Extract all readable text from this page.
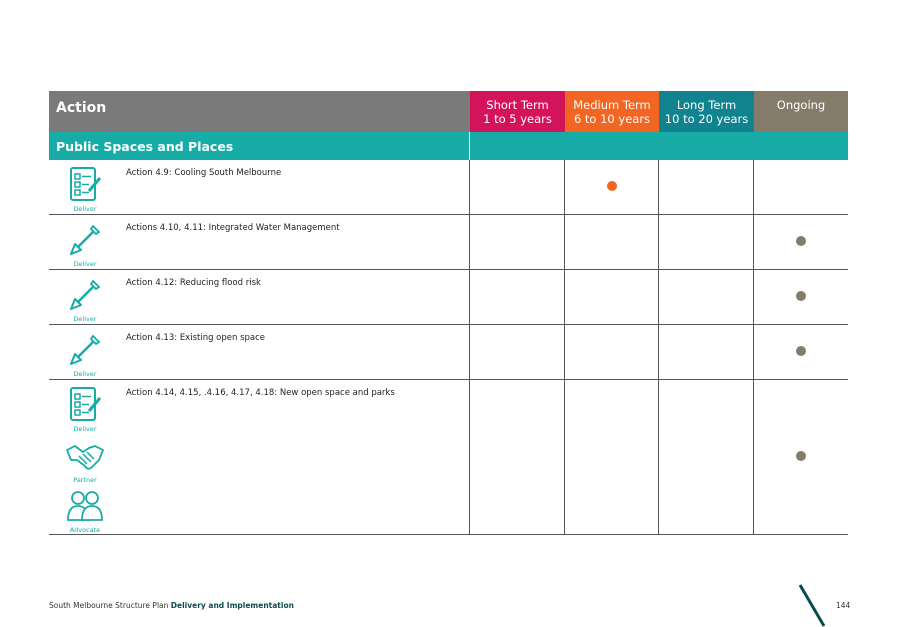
Action	Short Term
1 to 5 years
Medium Term
6 to 10 years
Long Term
10 to 20 years
Ongoing
Public Spaces and Places
Deliver
Action 4.9: Cooling South Melbourne
Deliver
Actions 4.10, 4.11: Integrated Water Management
Deliver
Action 4.12: Reducing flood risk
Deliver
Action 4.13: Existing open space
Deliver
Partner
Advocate
Action 4.14, 4.15, .4.16, 4.17, 4.18: New open space and parks
South Melbourne Structure Plan Delivery and Implementation	144
